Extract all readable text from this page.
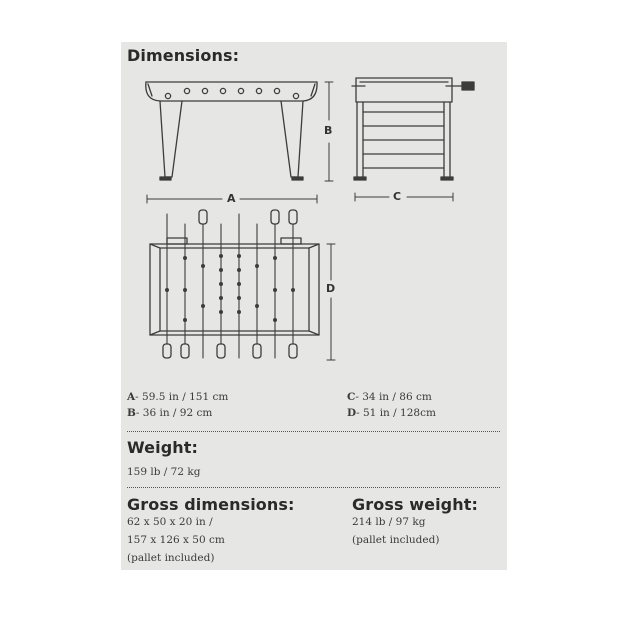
Dimensions:
B
A	C
D
A- 59.5 in / 151 cm
B- 36 in / 92 cm
C- 34 in / 86 cm
D- 51 in / 128cm
Weight:
159 lb / 72 kg
Gross dimensions:
62 x 50 x 20 in /
157 x 126 x 50 cm
(pallet included)
Gross weight:
214 lb / 97 kg
(pallet included)
